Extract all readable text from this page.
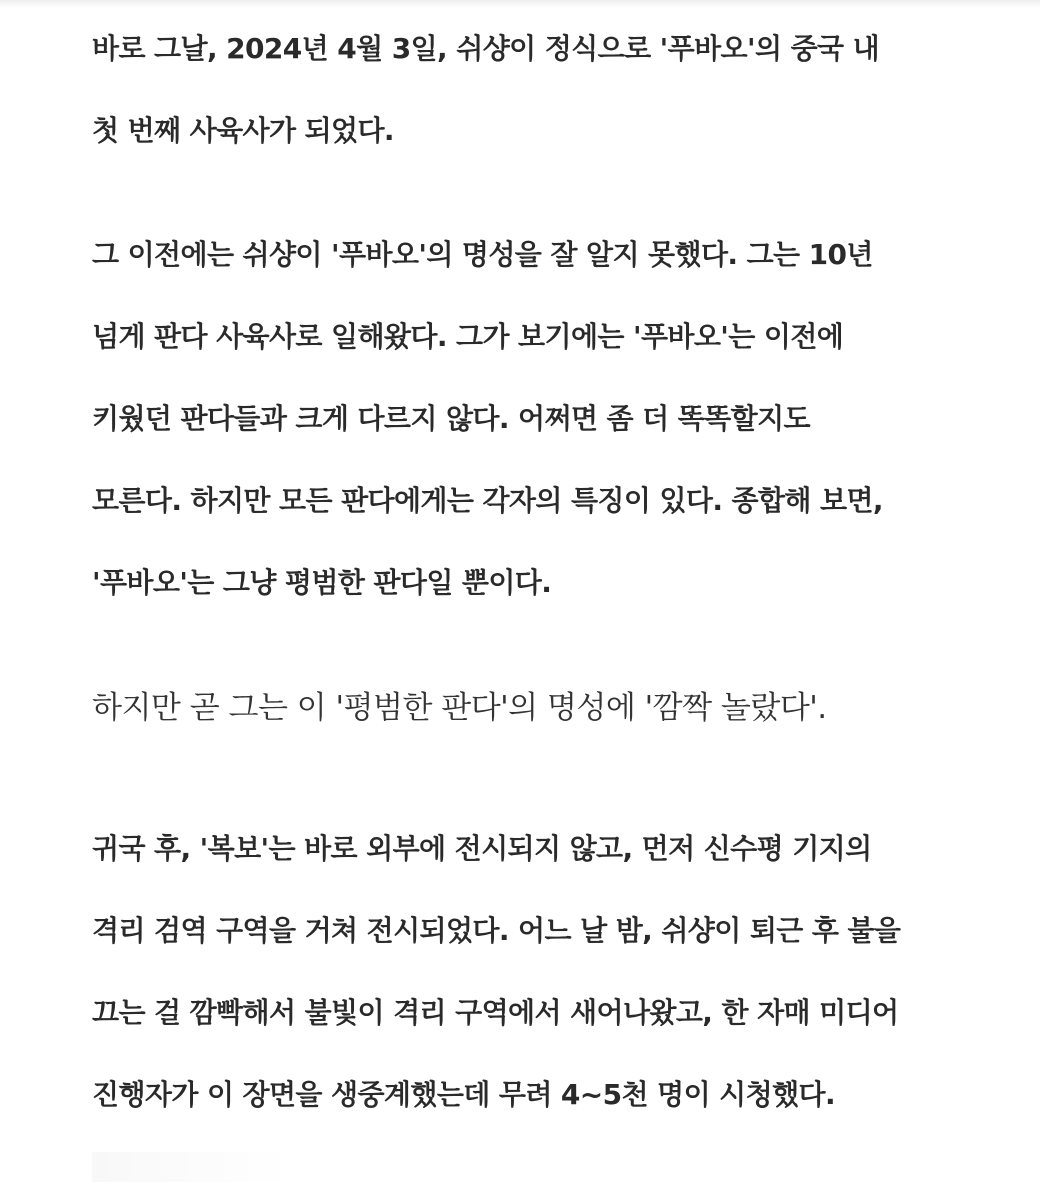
바로 그날, 2024년 4월 3일, 쉬샹이 정식으로 '푸바오'의 중국 내
첫 번째 사육사가 되었다.
그 이전에는 쉬샹이 '푸바오'의 명성을 잘 알지 못했다. 그는 10년
넘게 판다 사육사로 일해왔다. 그가 보기에는 '푸바오'는 이전에
키웠던 판다들과 크게 다르지 않다. 어쩌면 좀 더 똑똑할지도
모른다. 하지만 모든 판다에게는 각자의 특징이 있다. 종합해 보면,
'푸바오'는 그냥 평범한 판다일 뿐이다.
하지만 곧 그는 이 '평범한 판다'의 명성에 '깜짝 놀랐다'.
귀국 후, '복보'는 바로 외부에 전시되지 않고, 먼저 신수평 기지의
격리 검역 구역을 거쳐 전시되었다. 어느 날 밤, 쉬샹이 퇴근 후 불을
끄는 걸 깜빡해서 불빛이 격리 구역에서 새어나왔고, 한 자매 미디어
진행자가 이 장면을 생중계했는데 무려 4~5천 명이 시청했다.
